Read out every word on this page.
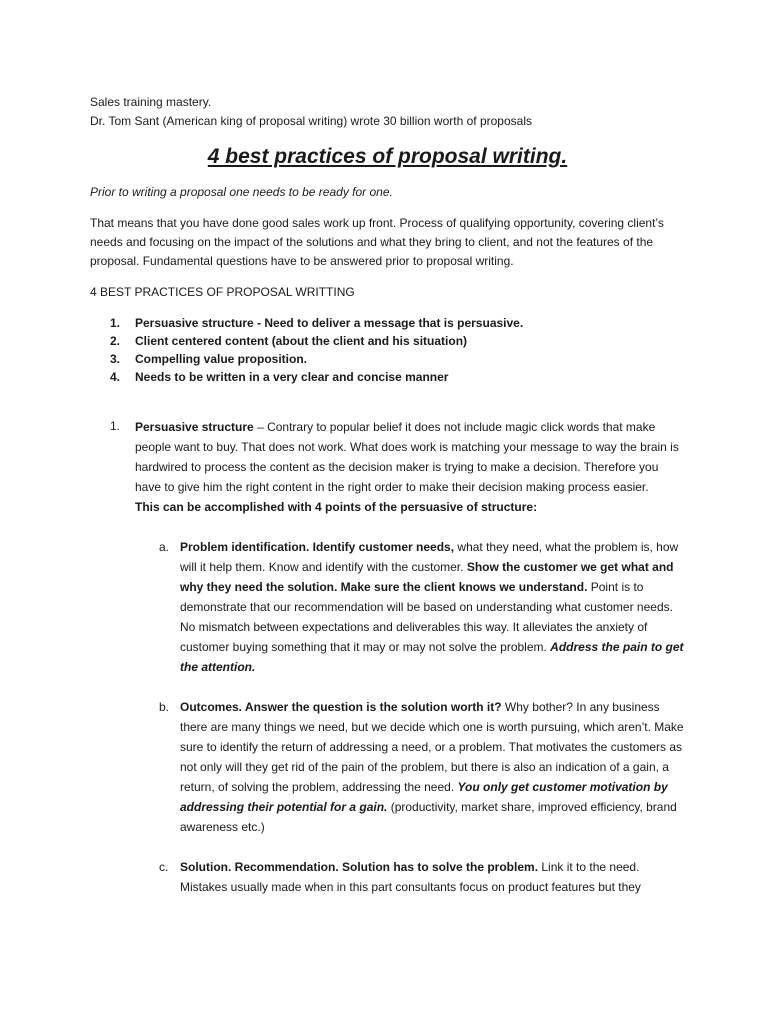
Sales training mastery.

Dr. Tom Sant (American king of proposal writing) wrote 30 billion worth of proposals

4 best practices of proposal writing.

Prior to writing a proposal one needs to be ready for one.

That means that you have done good sales work up front. Process of qualifying opportunity, covering client’s needs and focusing on the impact of the solutions and what they bring to client, and not the features of the proposal. Fundamental questions have to be answered prior to proposal writing.

4 BEST PRACTICES OF PROPOSAL WRITTING

1. Persuasive structure - Need to deliver a message that is persuasive.
2. Client centered content (about the client and his situation)
3. Compelling value proposition.
4. Needs to be written in a very clear and concise manner
1. Persuasive structure – Contrary to popular belief it does not include magic click words that make people want to buy. That does not work. What does work is matching your message to way the brain is hardwired to process the content as the decision maker is trying to make a decision. Therefore you have to give him the right content in the right order to make their decision making process easier.
This can be accomplished with 4 points of the persuasive of structure:
a. Problem identification. Identify customer needs, what they need, what the problem is, how will it help them. Know and identify with the customer. Show the customer we get what and why they need the solution. Make sure the client knows we understand. Point is to demonstrate that our recommendation will be based on understanding what customer needs. No mismatch between expectations and deliverables this way. It alleviates the anxiety of customer buying something that it may or may not solve the problem. Address the pain to get the attention.
b. Outcomes. Answer the question is the solution worth it? Why bother? In any business there are many things we need, but we decide which one is worth pursuing, which aren’t. Make sure to identify the return of addressing a need, or a problem. That motivates the customers as not only will they get rid of the pain of the problem, but there is also an indication of a gain, a return, of solving the problem, addressing the need. You only get customer motivation by addressing their potential for a gain. (productivity, market share, improved efficiency, brand awareness etc.)
c. Solution. Recommendation. Solution has to solve the problem. Link it to the need. Mistakes usually made when in this part consultants focus on product features but they
